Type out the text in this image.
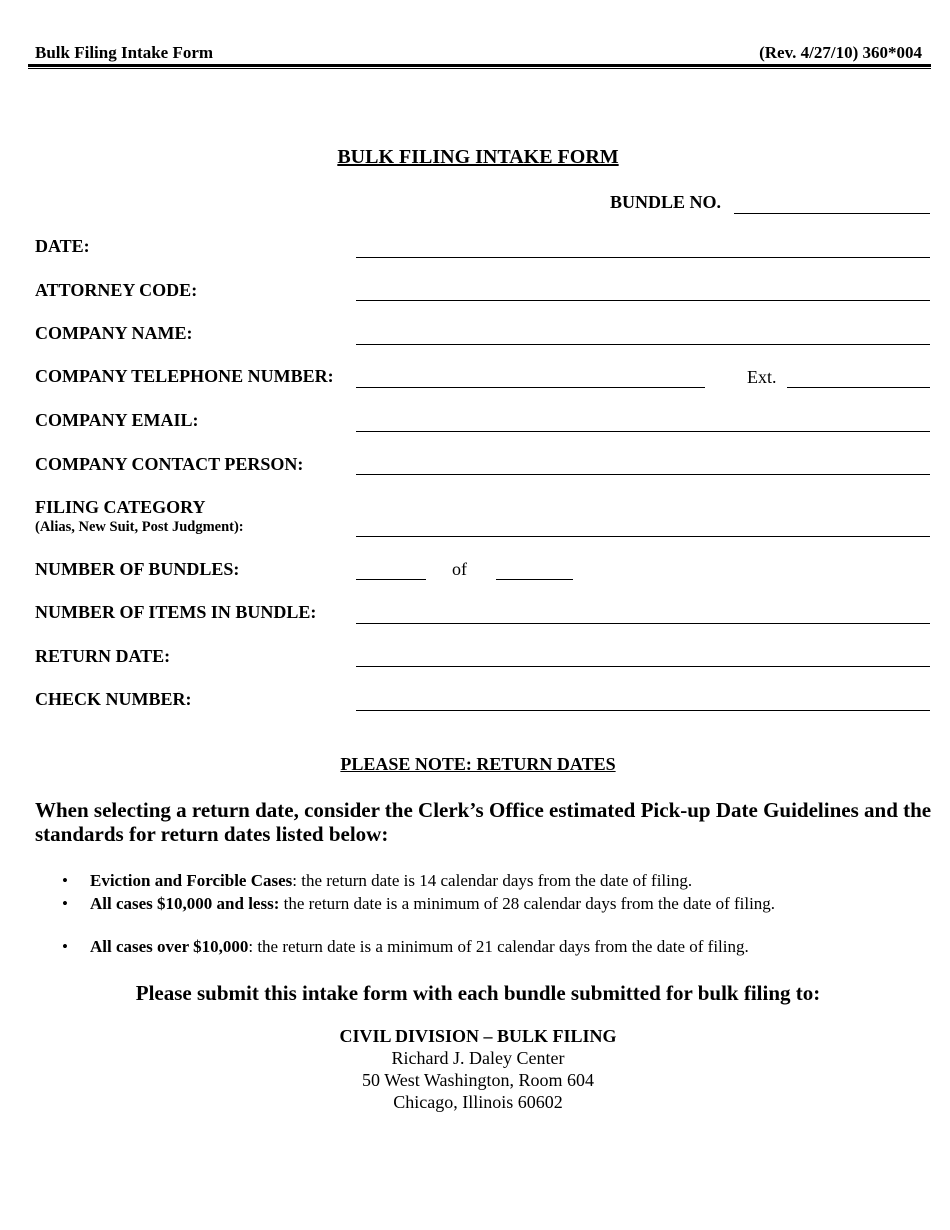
Bulk Filing Intake Form	(Rev. 4/27/10) 360*004
BULK FILING INTAKE FORM
BUNDLE NO.
DATE:
ATTORNEY CODE:
COMPANY NAME:
COMPANY TELEPHONE NUMBER:	Ext.
COMPANY EMAIL:
COMPANY CONTACT PERSON:
FILING CATEGORY
(Alias, New Suit, Post Judgment):
NUMBER OF BUNDLES:	of
NUMBER OF ITEMS IN BUNDLE:
RETURN DATE:
CHECK NUMBER:
PLEASE NOTE: RETURN DATES
When selecting a return date, consider the Clerk’s Office estimated Pick-up Date Guidelines and the standards for return dates listed below:
• Eviction and Forcible Cases: the return date is 14 calendar days from the date of filing.
• All cases $10,000 and less: the return date is a minimum of 28 calendar days from the date of filing.
• All cases over $10,000: the return date is a minimum of 21 calendar days from the date of filing.
Please submit this intake form with each bundle submitted for bulk filing to:
CIVIL DIVISION – BULK FILING
Richard J. Daley Center
50 West Washington, Room 604
Chicago, Illinois 60602
